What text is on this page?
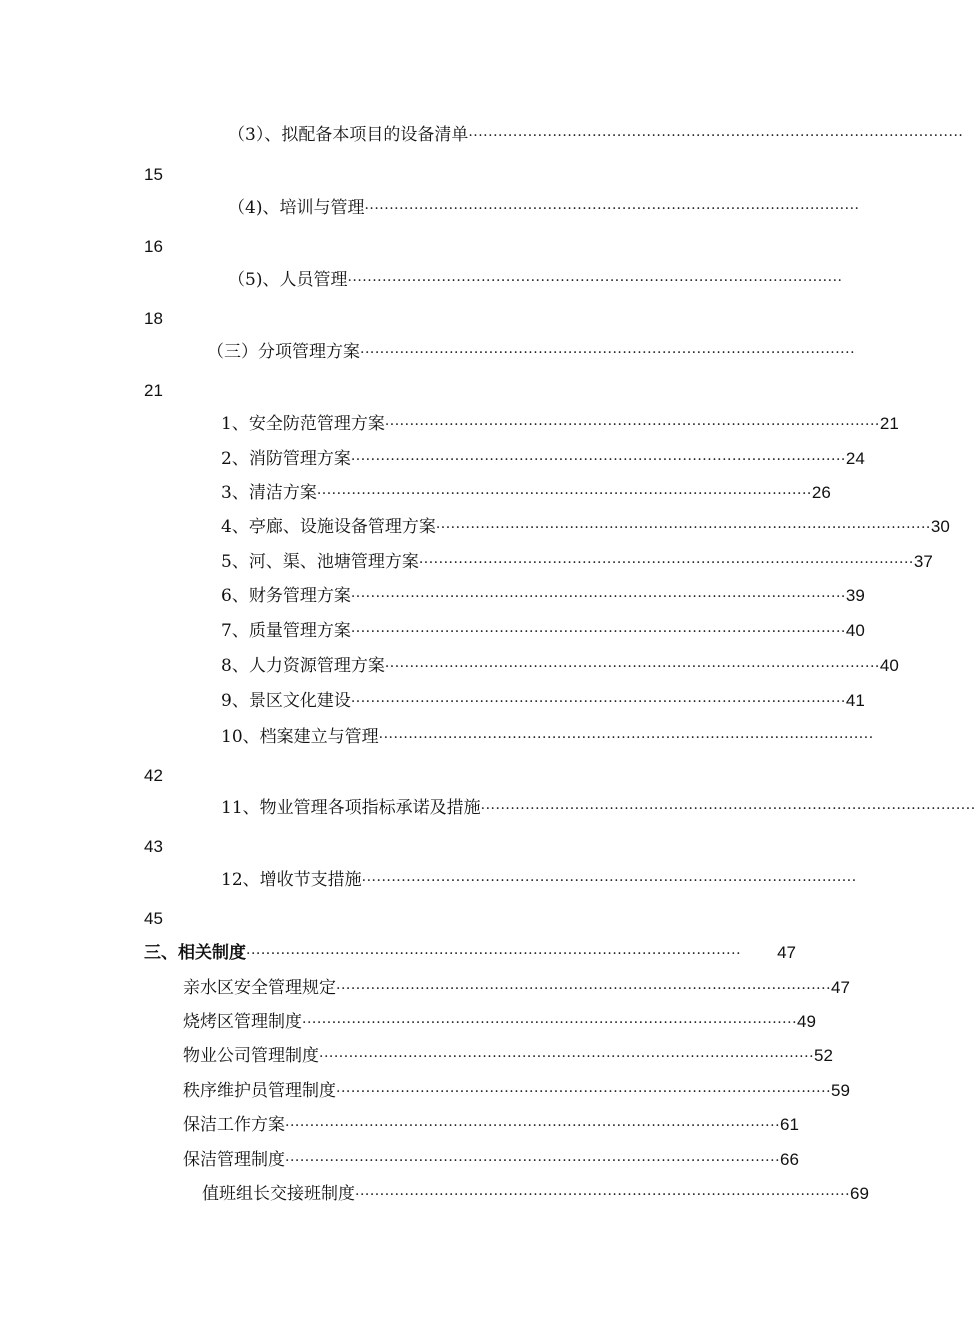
（3）、拟配备本项目的设备清单 ····································································································
15
（4)、培训与管理 ····································································································
16
（5)、人员管理 ····································································································
18
（三）分项管理方案 ····································································································
21
1、安全防范管理方案 ···································································································· 21
2、消防管理方案 ···································································································· 24
3、清洁方案 ···································································································· 26
4、亭廊、设施设备管理方案 ···································································································· 30
5、河、渠、池塘管理方案 ···································································································· 37
6、财务管理方案 ···································································································· 39
7、质量管理方案 ···································································································· 40
8、人力资源管理方案 ···································································································· 40
9、景区文化建设 ···································································································· 41
10、档案建立与管理 ····································································································
42
11、物业管理各项指标承诺及措施 ····································································································
43
12、增收节支措施 ····································································································
45
三、相关制度 ····································································································	47
亲水区安全管理规定 ···································································································· 47
烧烤区管理制度 ···································································································· 49
物业公司管理制度 ···································································································· 52
秩序维护员管理制度 ···································································································· 59
保洁工作方案 ···································································································· 61
保洁管理制度 ···································································································· 66
值班组长交接班制度 ···································································································· 69
